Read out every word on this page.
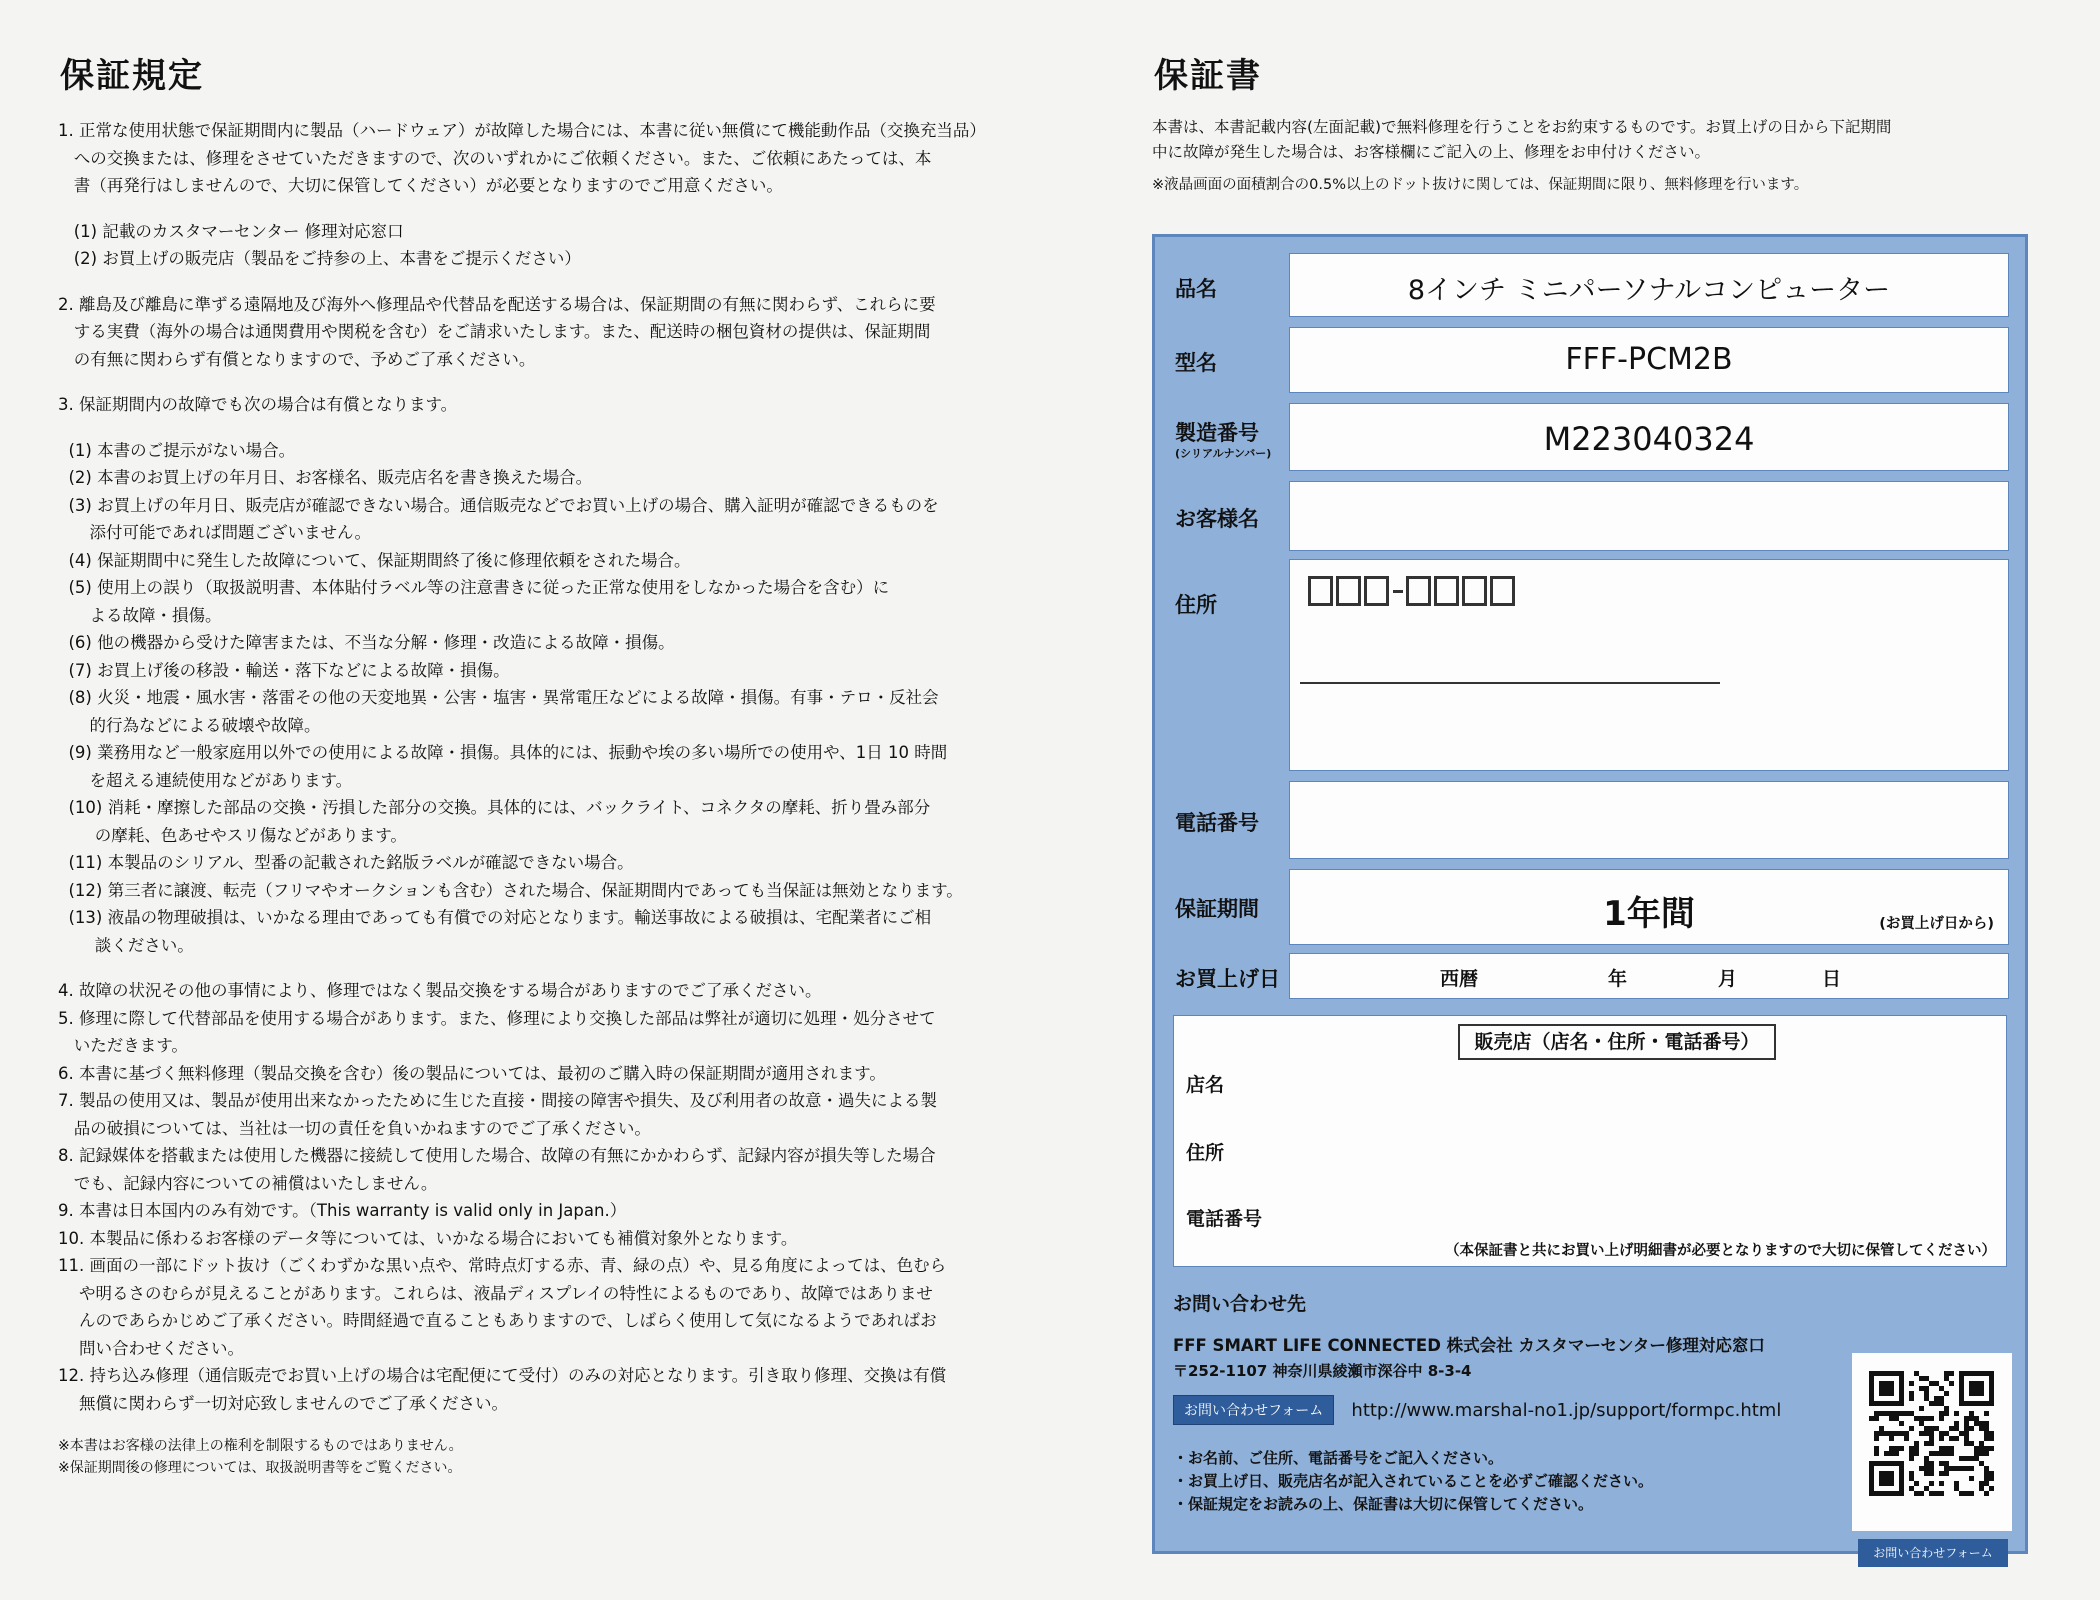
保証規定
1. 正常な使用状態で保証期間内に製品（ハードウェア）が故障した場合には、本書に従い無償にて機能動作品（交換充当品）
への交換または、修理をさせていただきますので、次のいずれかにご依頼ください。また、ご依頼にあたっては、本
書（再発行はしませんので、大切に保管してください）が必要となりますのでご用意ください。
(1) 記載のカスタマーセンター 修理対応窓口
(2) お買上げの販売店（製品をご持参の上、本書をご提示ください）
2. 離島及び離島に準ずる遠隔地及び海外へ修理品や代替品を配送する場合は、保証期間の有無に関わらず、これらに要
する実費（海外の場合は通関費用や関税を含む）をご請求いたします。また、配送時の梱包資材の提供は、保証期間
の有無に関わらず有償となりますので、予めご了承ください。
3. 保証期間内の故障でも次の場合は有償となります。
(1) 本書のご提示がない場合。
(2) 本書のお買上げの年月日、お客様名、販売店名を書き換えた場合。
(3) お買上げの年月日、販売店が確認できない場合。通信販売などでお買い上げの場合、購入証明が確認できるものを
添付可能であれば問題ございません。
(4) 保証期間中に発生した故障について、保証期間終了後に修理依頼をされた場合。
(5) 使用上の誤り（取扱説明書、本体貼付ラベル等の注意書きに従った正常な使用をしなかった場合を含む）に
よる故障・損傷。
(6) 他の機器から受けた障害または、不当な分解・修理・改造による故障・損傷。
(7) お買上げ後の移設・輸送・落下などによる故障・損傷。
(8) 火災・地震・風水害・落雷その他の天変地異・公害・塩害・異常電圧などによる故障・損傷。有事・テロ・反社会
的行為などによる破壊や故障。
(9) 業務用など一般家庭用以外での使用による故障・損傷。具体的には、振動や埃の多い場所での使用や、1日 10 時間
を超える連続使用などがあります。
(10) 消耗・摩擦した部品の交換・汚損した部分の交換。具体的には、バックライト、コネクタの摩耗、折り畳み部分
の摩耗、色あせやスリ傷などがあります。
(11) 本製品のシリアル、型番の記載された銘版ラベルが確認できない場合。
(12) 第三者に譲渡、転売（フリマやオークションも含む）された場合、保証期間内であっても当保証は無効となります。
(13) 液晶の物理破損は、いかなる理由であっても有償での対応となります。輸送事故による破損は、宅配業者にご相
談ください。
4. 故障の状況その他の事情により、修理ではなく製品交換をする場合がありますのでご了承ください。
5. 修理に際して代替部品を使用する場合があります。また、修理により交換した部品は弊社が適切に処理・処分させて
いただきます。
6. 本書に基づく無料修理（製品交換を含む）後の製品については、最初のご購入時の保証期間が適用されます。
7. 製品の使用又は、製品が使用出来なかったために生じた直接・間接の障害や損失、及び利用者の故意・過失による製
品の破損については、当社は一切の責任を負いかねますのでご了承ください。
8. 記録媒体を搭載または使用した機器に接続して使用した場合、故障の有無にかかわらず、記録内容が損失等した場合
でも、記録内容についての補償はいたしません。
9. 本書は日本国内のみ有効です。（This warranty is valid only in Japan.）
10. 本製品に係わるお客様のデータ等については、いかなる場合においても補償対象外となります。
11. 画面の一部にドット抜け（ごくわずかな黒い点や、常時点灯する赤、青、緑の点）や、見る角度によっては、色むら
や明るさのむらが見えることがあります。これらは、液晶ディスプレイの特性によるものであり、故障ではありませ
んのであらかじめご了承ください。時間経過で直ることもありますので、しばらく使用して気になるようであればお
問い合わせください。
12. 持ち込み修理（通信販売でお買い上げの場合は宅配便にて受付）のみの対応となります。引き取り修理、交換は有償
無償に関わらず一切対応致しませんのでご了承ください。
※本書はお客様の法律上の権利を制限するものではありません。
※保証期間後の修理については、取扱説明書等をご覧ください。
保証書
本書は、本書記載内容(左面記載)で無料修理を行うことをお約束するものです。お買上げの日から下記期間
中に故障が発生した場合は、お客様欄にご記入の上、修理をお申付けください。
※液晶画面の面積割合の0.5%以上のドット抜けに関しては、保証期間に限り、無料修理を行います。
品名	8インチ ミニパーソナルコンピューター
型名	FFF-PCM2B
製造番号
(シリアルナンバー)	M223040324
お客様名
住所
電話番号
保証期間	1年間	(お買上げ日から)
お買上げ日	西暦	年	月	日
販売店（店名・住所・電話番号）
店名
住所
電話番号
（本保証書と共にお買い上げ明細書が必要となりますので大切に保管してください）
お問い合わせ先
FFF SMART LIFE CONNECTED 株式会社 カスタマーセンター修理対応窓口
〒252-1107 神奈川県綾瀬市深谷中 8-3-4
お問い合わせフォーム http://www.marshal-no1.jp/support/formpc.html
・お名前、ご住所、電話番号をご記入ください。
・お買上げ日、販売店名が記入されていることを必ずご確認ください。
・保証規定をお読みの上、保証書は大切に保管してください。
お問い合わせフォーム
